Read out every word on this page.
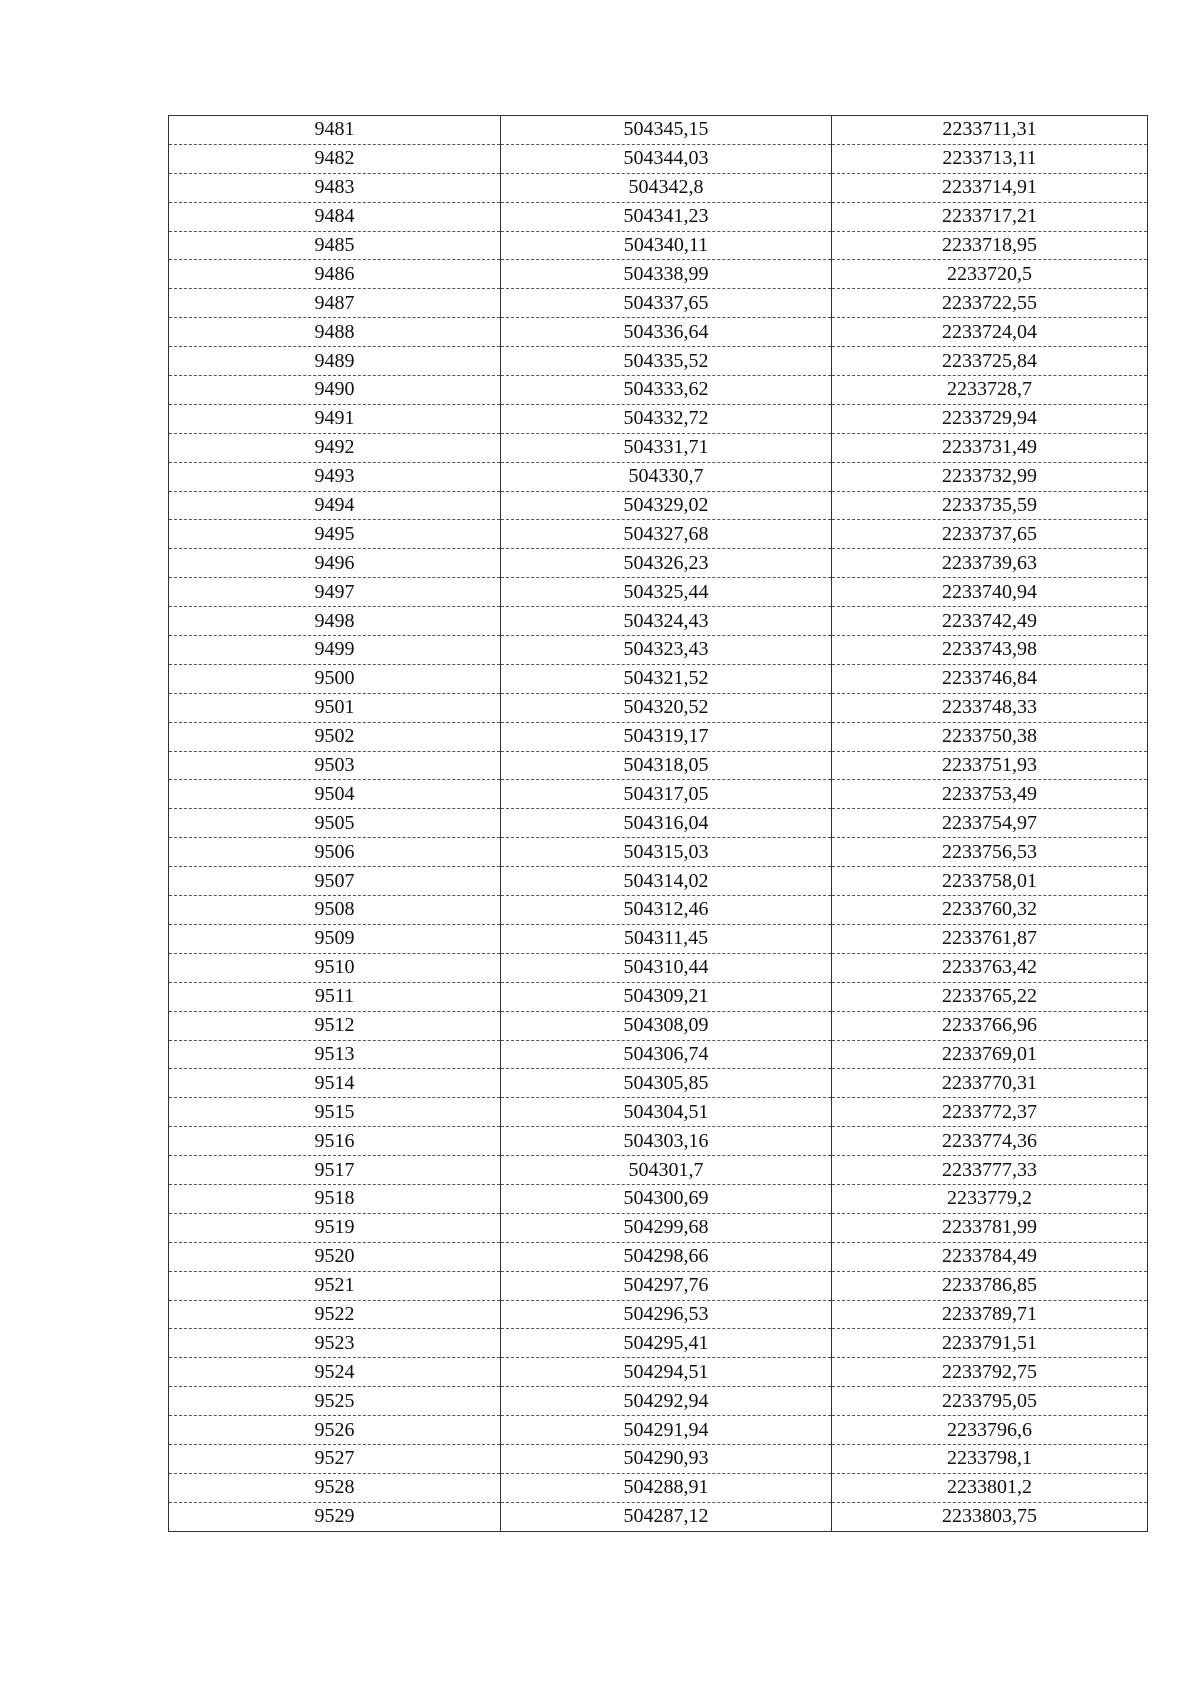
9481	504345,15	2233711,31
9482	504344,03	2233713,11
9483	504342,8	2233714,91
9484	504341,23	2233717,21
9485	504340,11	2233718,95
9486	504338,99	2233720,5
9487	504337,65	2233722,55
9488	504336,64	2233724,04
9489	504335,52	2233725,84
9490	504333,62	2233728,7
9491	504332,72	2233729,94
9492	504331,71	2233731,49
9493	504330,7	2233732,99
9494	504329,02	2233735,59
9495	504327,68	2233737,65
9496	504326,23	2233739,63
9497	504325,44	2233740,94
9498	504324,43	2233742,49
9499	504323,43	2233743,98
9500	504321,52	2233746,84
9501	504320,52	2233748,33
9502	504319,17	2233750,38
9503	504318,05	2233751,93
9504	504317,05	2233753,49
9505	504316,04	2233754,97
9506	504315,03	2233756,53
9507	504314,02	2233758,01
9508	504312,46	2233760,32
9509	504311,45	2233761,87
9510	504310,44	2233763,42
9511	504309,21	2233765,22
9512	504308,09	2233766,96
9513	504306,74	2233769,01
9514	504305,85	2233770,31
9515	504304,51	2233772,37
9516	504303,16	2233774,36
9517	504301,7	2233777,33
9518	504300,69	2233779,2
9519	504299,68	2233781,99
9520	504298,66	2233784,49
9521	504297,76	2233786,85
9522	504296,53	2233789,71
9523	504295,41	2233791,51
9524	504294,51	2233792,75
9525	504292,94	2233795,05
9526	504291,94	2233796,6
9527	504290,93	2233798,1
9528	504288,91	2233801,2
9529	504287,12	2233803,75
